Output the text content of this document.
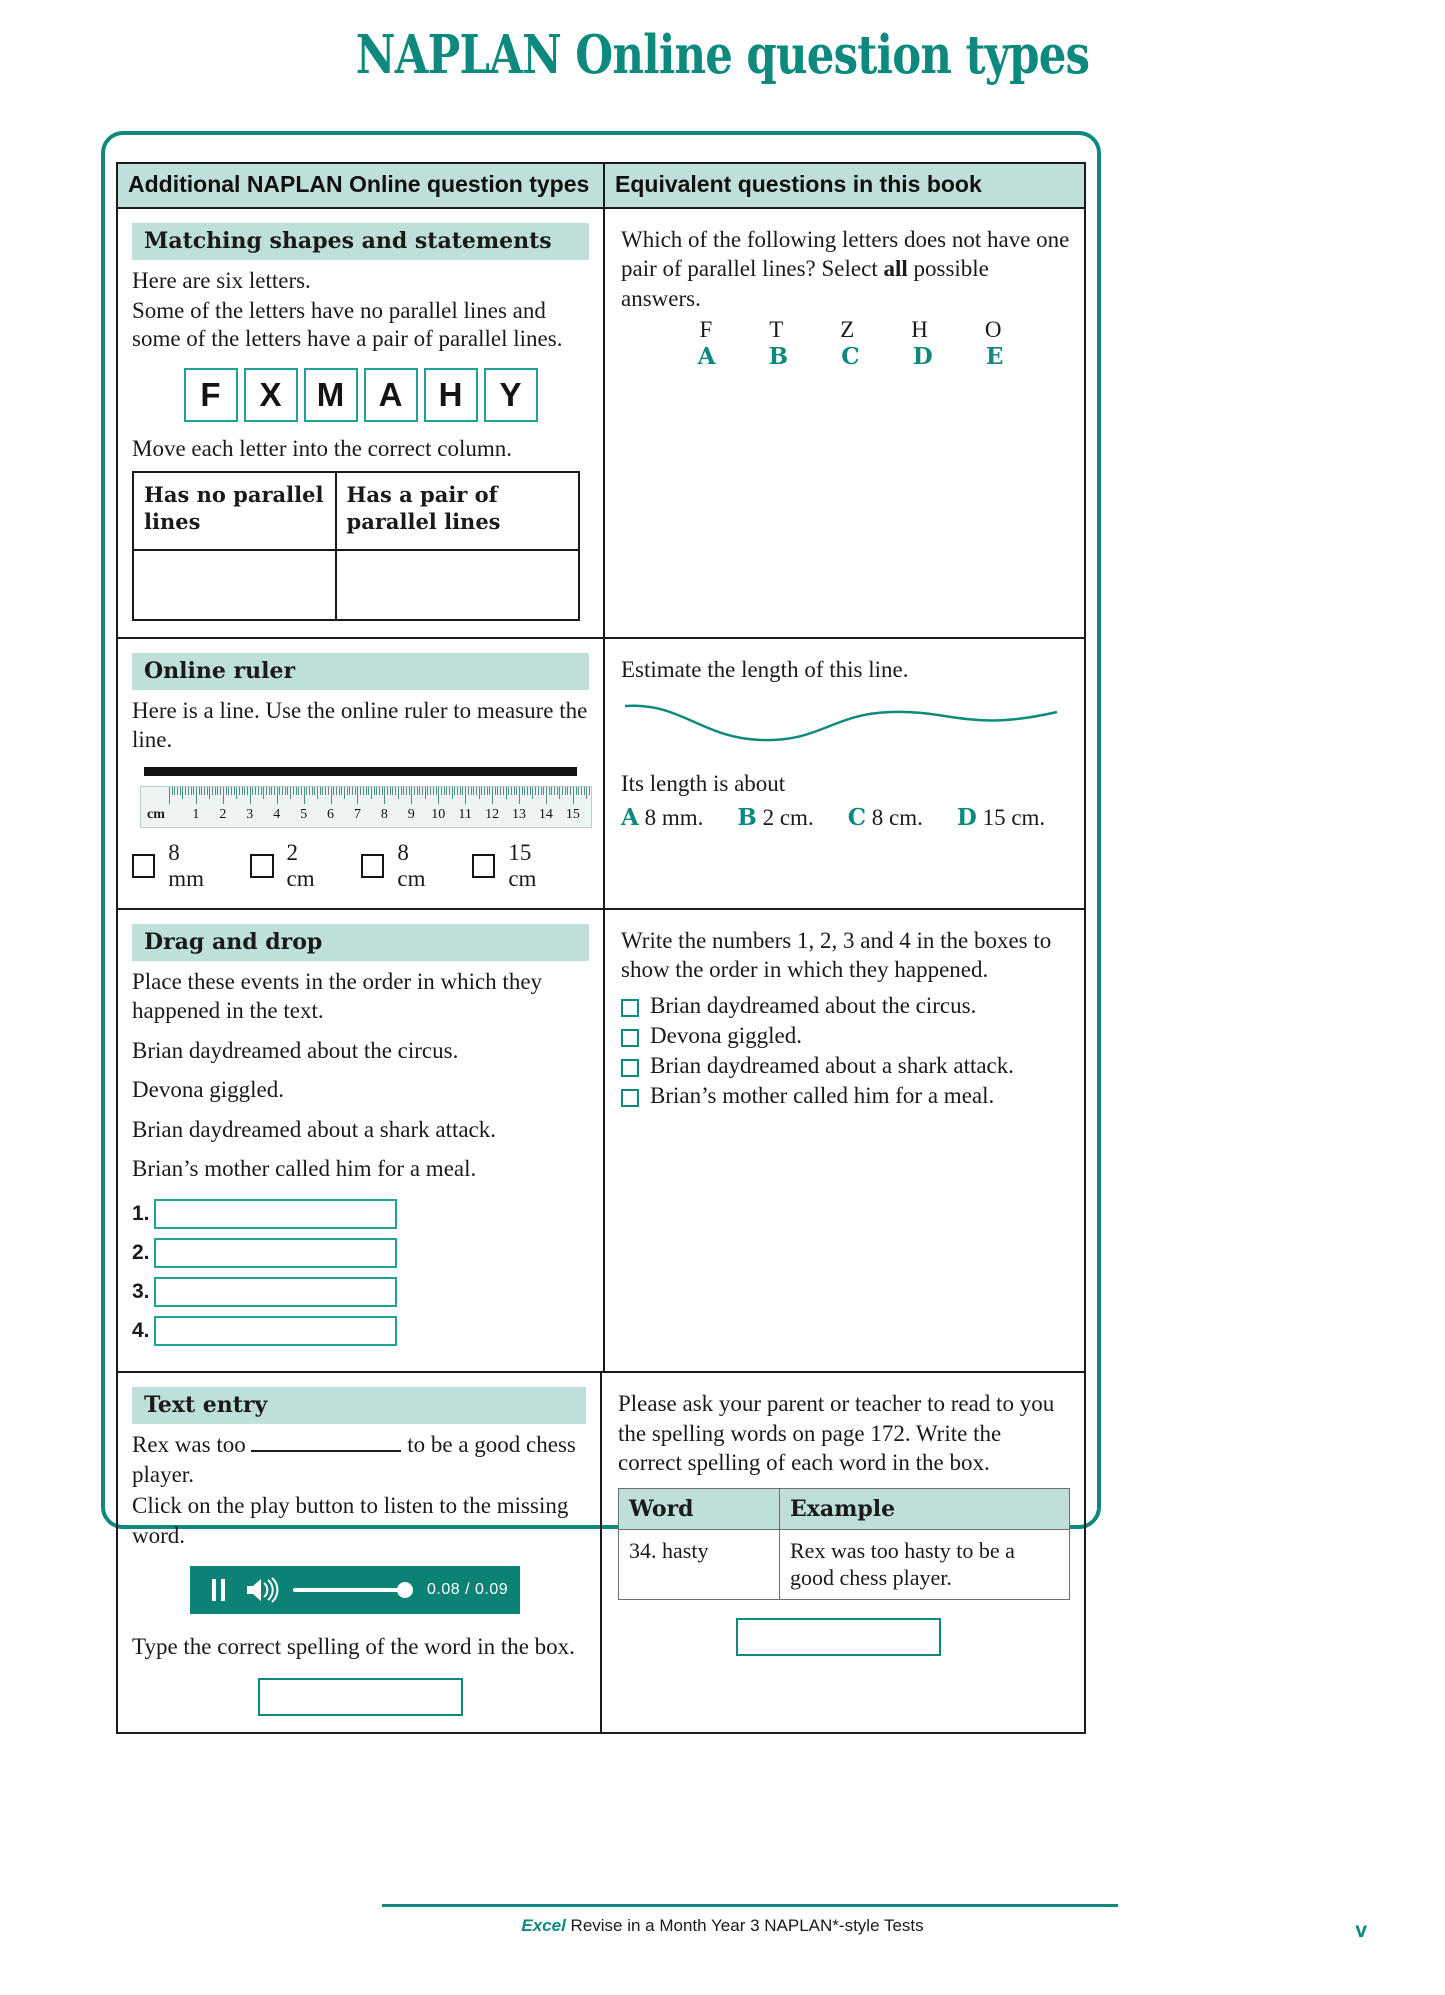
NAPLAN Online question types
Additional NAPLAN Online question types	Equivalent questions in this book
Matching shapes and statements
Here are six letters.
Some of the letters have no parallel lines and some of the letters have a pair of parallel lines.
F	X	M	A	H	Y
Move each letter into the correct column.
Has no parallel lines	Has a pair of parallel lines

Which of the following letters does not have one pair of parallel lines? Select all possible answers.
F T Z H O
A B C D E
Online ruler
Here is a line. Use the online ruler to measure the line.
cm 1 2 3 4 5 6 7 8 9 10 11 12 13 14 15
8 mm
2 cm
8 cm
15 cm
Estimate the length of this line.
Its length is about
A 8 mm. B 2 cm. C 8 cm. D 15 cm.
Drag and drop
Place these events in the order in which they happened in the text.
Brian daydreamed about the circus.
Devona giggled.
Brian daydreamed about a shark attack.
Brian’s mother called him for a meal.
1.
2.
3.
4.
Write the numbers 1, 2, 3 and 4 in the boxes to show the order in which they happened.
Brian daydreamed about the circus.
Devona giggled.
Brian daydreamed about a shark attack.
Brian’s mother called him for a meal.
Text entry
Rex was too	to be a good chess player.
Click on the play button to listen to the missing word.
0.08 / 0.09
Type the correct spelling of the word in the box.
Please ask your parent or teacher to read to you the spelling words on page 172. Write the correct spelling of each word in the box.
Word	Example
34. hasty	Rex was too hasty to be a good chess player.
Excel Revise in a Month Year 3 NAPLAN*-style Tests	v
